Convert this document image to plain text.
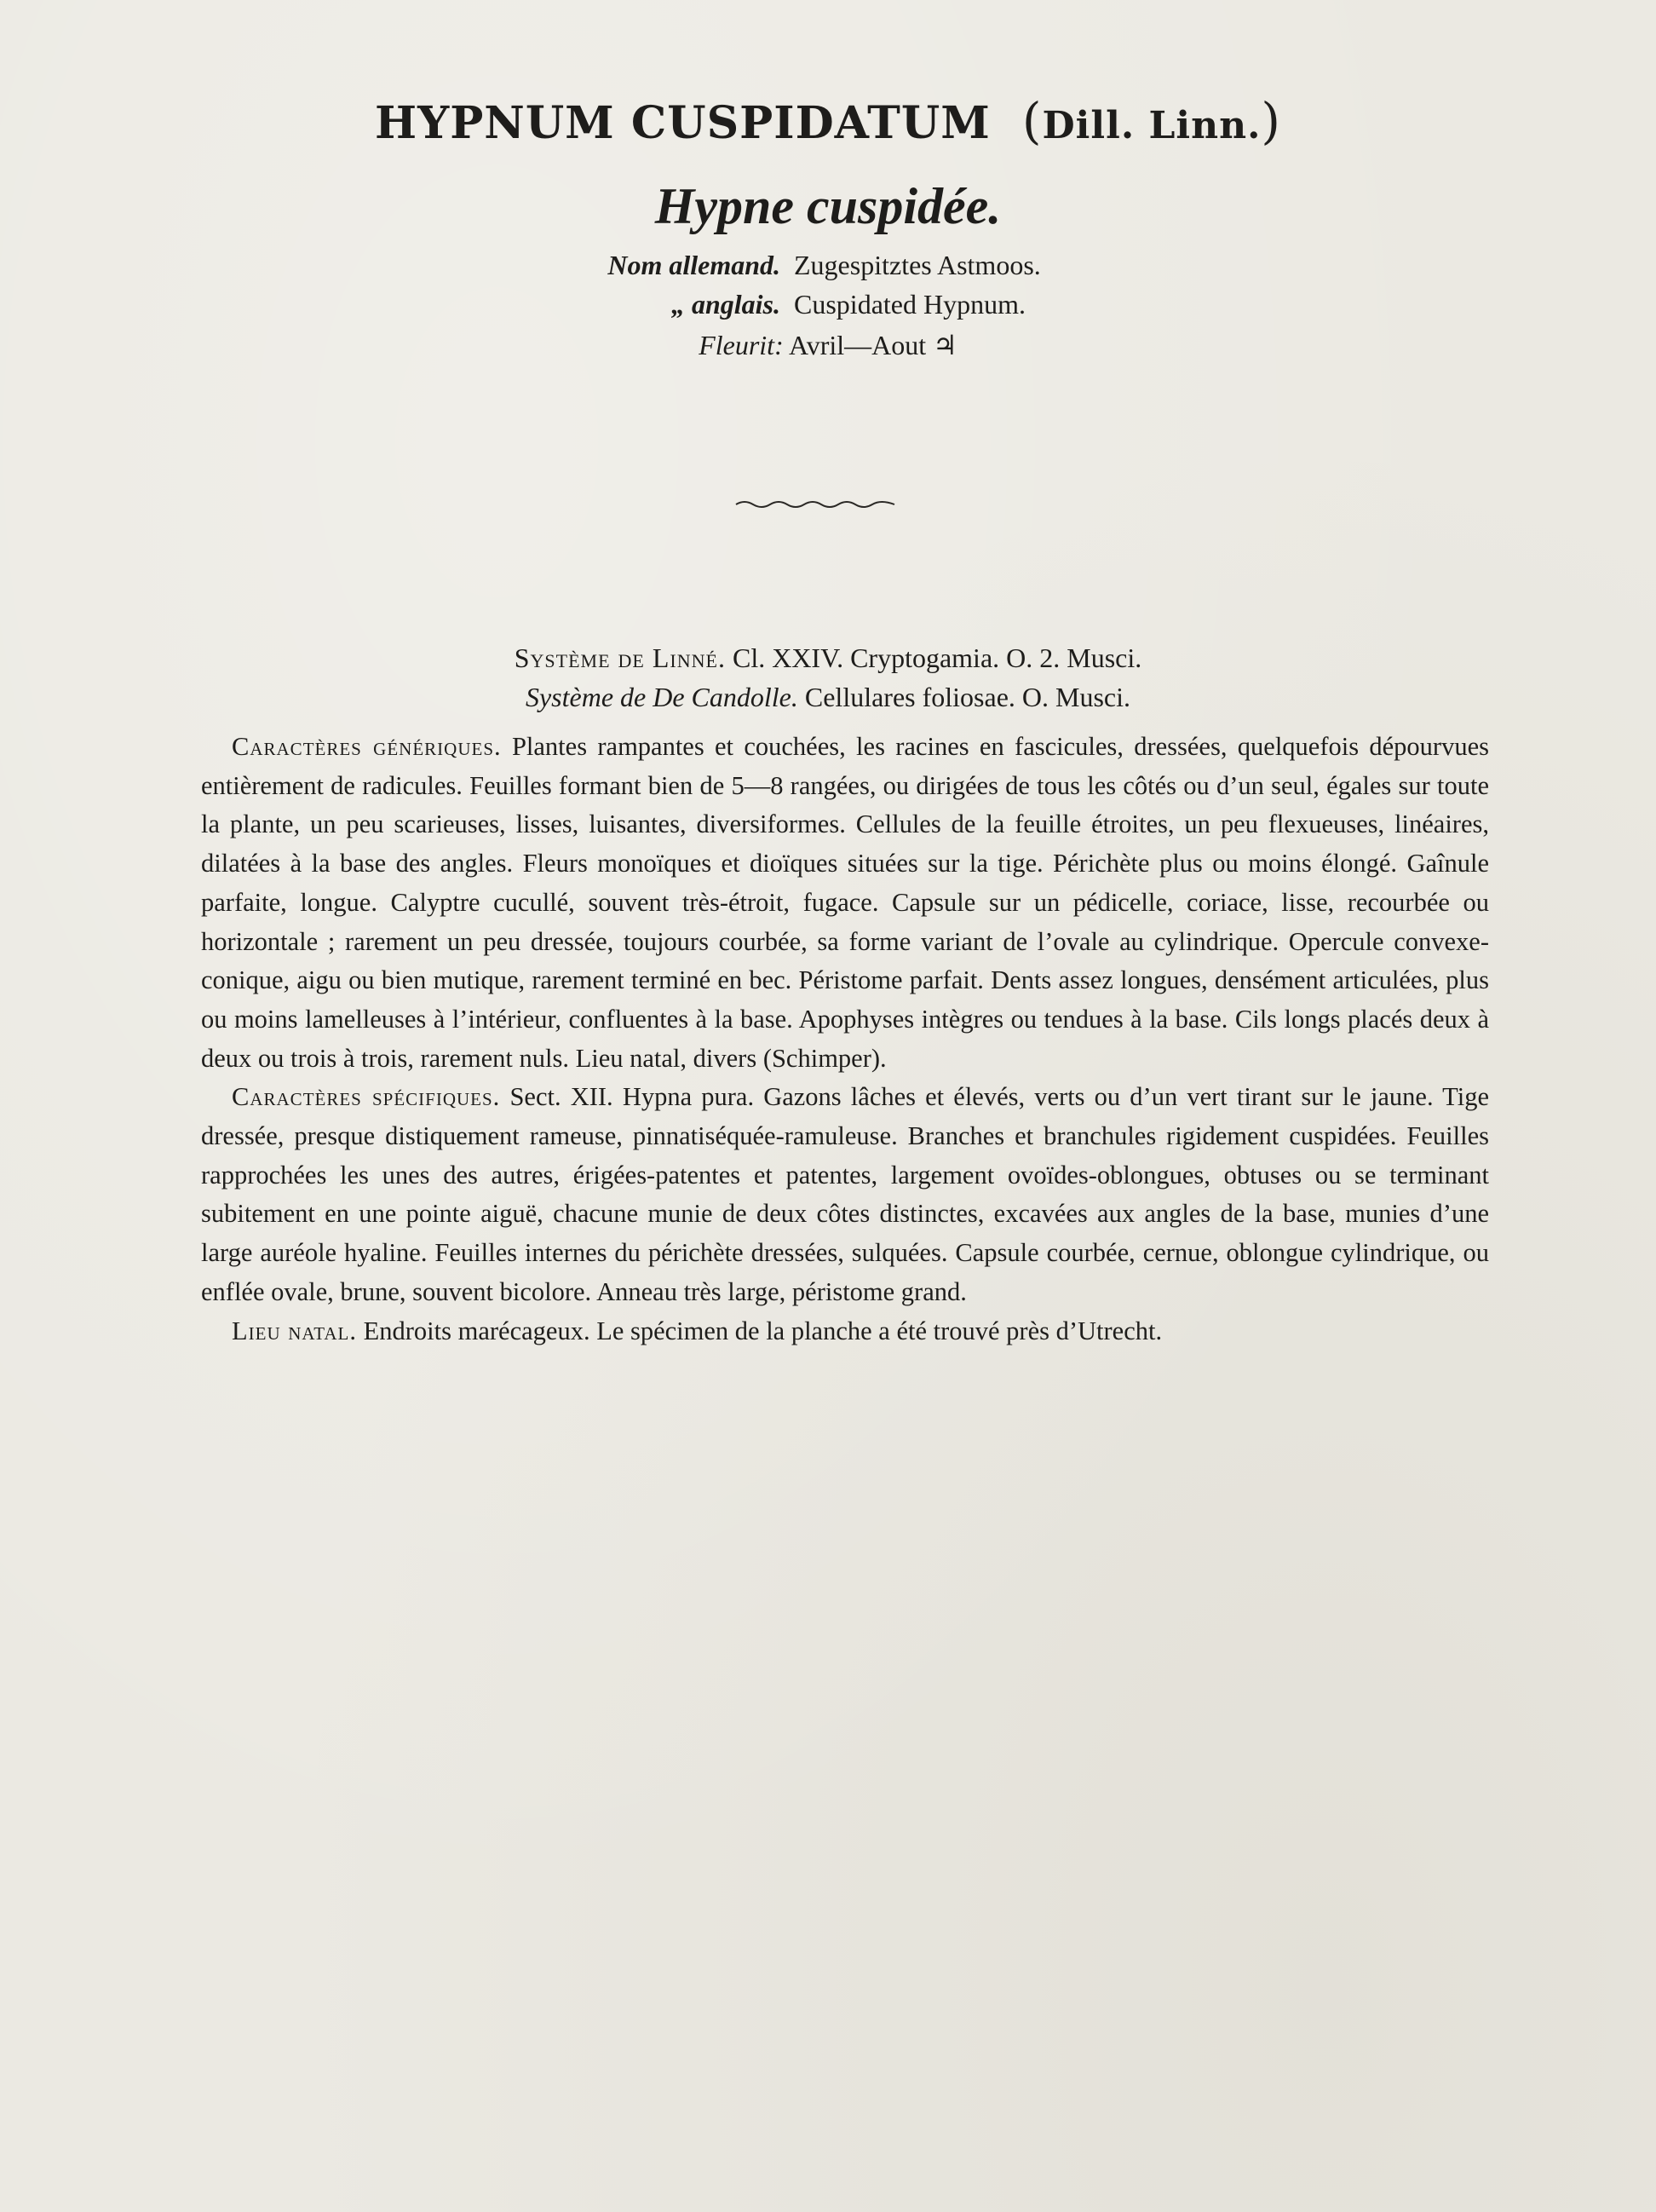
HYPNUM CUSPIDATUM (Dill. Linn.)
Hypne cuspidée.
Nom allemand. Zugespitztes Astmoos.
„ anglais. Cuspidated Hypnum.
Fleurit: Avril—Aout ♃
Système de Linné. Cl. XXIV. Cryptogamia. O. 2. Musci.
Système de De Candolle. Cellulares foliosae. O. Musci.

Caractères génériques. Plantes rampantes et couchées, les racines en fascicules, dressées, quelquefois dépourvues entièrement de radicules. Feuilles formant bien de 5—8 rangées, ou dirigées de tous les côtés ou d’un seul, égales sur toute la plante, un peu scarieuses, lisses, luisantes, diversiformes. Cellules de la feuille étroites, un peu flexueuses, linéaires, dilatées à la base des angles. Fleurs monoïques et dioïques situées sur la tige. Périchète plus ou moins élongé. Gaînule parfaite, longue. Calyptre cucullé, souvent très-étroit, fugace. Capsule sur un pédicelle, coriace, lisse, recourbée ou horizontale ; rarement un peu dressée, toujours courbée, sa forme variant de l’ovale au cylindrique. Opercule convexe-conique, aigu ou bien mutique, rarement terminé en bec. Péristome parfait. Dents assez longues, densément articulées, plus ou moins lamelleuses à l’intérieur, confluentes à la base. Apophyses intègres ou tendues à la base. Cils longs placés deux à deux ou trois à trois, rarement nuls. Lieu natal, divers (Schimper).

Caractères spécifiques. Sect. XII. Hypna pura. Gazons lâches et élevés, verts ou d’un vert tirant sur le jaune. Tige dressée, presque distiquement rameuse, pinnatiséquée-ramuleuse. Branches et branchules rigidement cuspidées. Feuilles rapprochées les unes des autres, érigées-patentes et patentes, largement ovoïdes-oblongues, obtuses ou se terminant subitement en une pointe aiguë, chacune munie de deux côtes distinctes, excavées aux angles de la base, munies d’une large auréole hyaline. Feuilles internes du périchète dressées, sulquées. Capsule courbée, cernue, oblongue cylindrique, ou enflée ovale, brune, souvent bicolore. Anneau très large, péristome grand.

Lieu natal. Endroits marécageux. Le spécimen de la planche a été trouvé près d’Utrecht.
